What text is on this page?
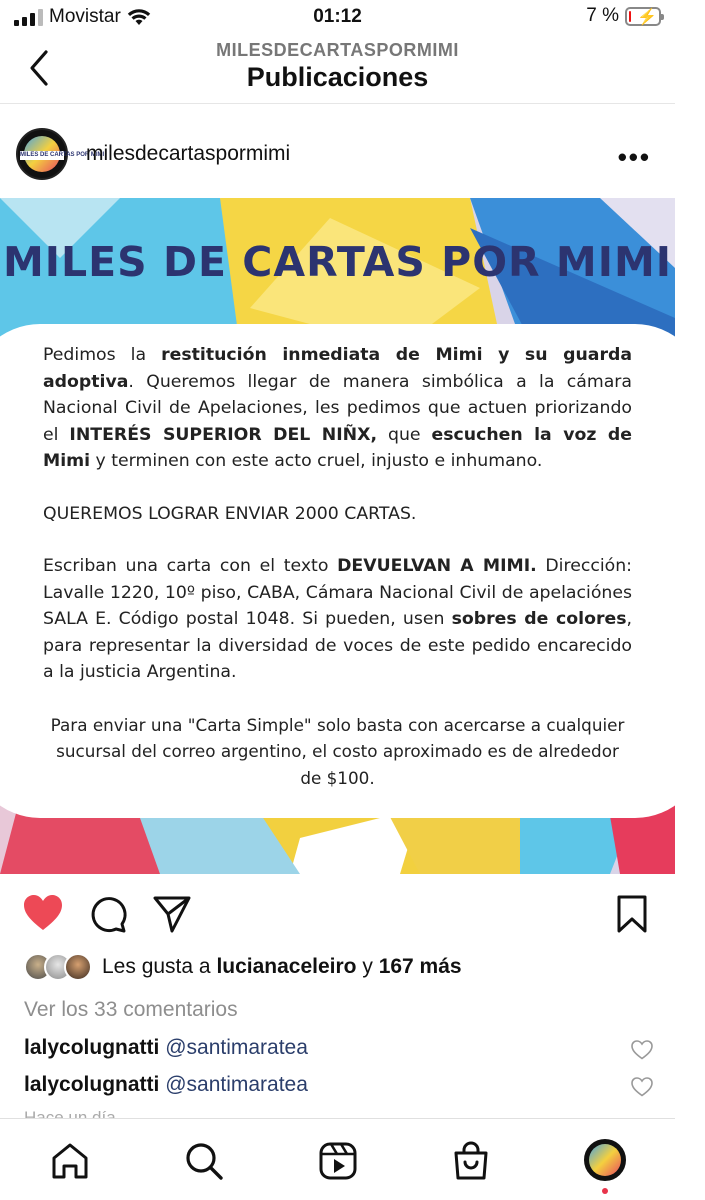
Movistar	01:12	7 % ⚡
MILESDECARTASPORMIMI
Publicaciones
MILES DE CARTAS POR MIMI
milesdecartaspormimi	•••
MILES DE CARTAS POR MIMI

Pedimos la restitución inmediata de Mimi y su guarda adoptiva. Queremos llegar de manera simbólica a la cámara Nacional Civil de Apelaciones, les pedimos que actuen priorizando el INTERÉS SUPERIOR DEL NIÑX, que escuchen la voz de Mimi y terminen con este acto cruel, injusto e inhumano.

QUEREMOS LOGRAR ENVIAR 2000 CARTAS.

Escriban una carta con el texto DEVUELVAN A MIMI. Dirección: Lavalle 1220, 10º piso, CABA, Cámara Nacional Civil de apelaciónes SALA E. Código postal 1048. Si pueden, usen sobres de colores, para representar la diversidad de voces de este pedido encarecido a la justicia Argentina.

Para enviar una "Carta Simple" solo basta con acercarse a cualquier sucursal del correo argentino, el costo aproximado es de alrededor de $100.

Les gusta a
lucianaceleiro y 167 más
Ver los 33 comentarios
lalycolugnatti @santimaratea
lalycolugnatti @santimaratea
